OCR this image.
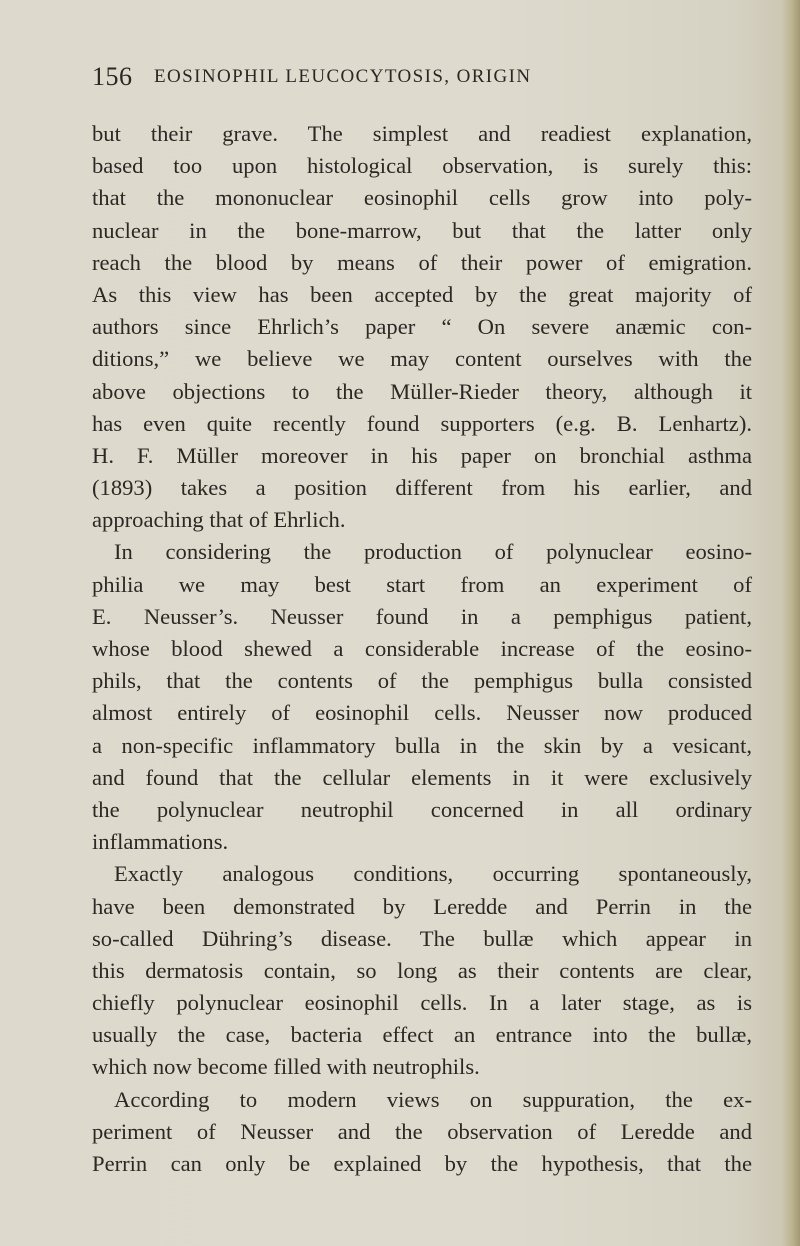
156 EOSINOPHIL LEUCOCYTOSIS, ORIGIN
but their grave. The simplest and readiest explanation,
based too upon histological observation, is surely this:
that the mononuclear eosinophil cells grow into poly-
nuclear in the bone-marrow, but that the latter only
reach the blood by means of their power of emigration.
As this view has been accepted by the great majority of
authors since Ehrlich’s paper “ On severe anæmic con-
ditions,” we believe we may content ourselves with the
above objections to the Müller-Rieder theory, although it
has even quite recently found supporters (e.g. B. Lenhartz).
H. F. Müller moreover in his paper on bronchial asthma
(1893) takes a position different from his earlier, and
approaching that of Ehrlich.
In considering the production of polynuclear eosino-
philia we may best start from an experiment of
E. Neusser’s. Neusser found in a pemphigus patient,
whose blood shewed a considerable increase of the eosino-
phils, that the contents of the pemphigus bulla consisted
almost entirely of eosinophil cells. Neusser now produced
a non-specific inflammatory bulla in the skin by a vesicant,
and found that the cellular elements in it were exclusively
the polynuclear neutrophil concerned in all ordinary
inflammations.
Exactly analogous conditions, occurring spontaneously,
have been demonstrated by Leredde and Perrin in the
so-called Dühring’s disease. The bullæ which appear in
this dermatosis contain, so long as their contents are clear,
chiefly polynuclear eosinophil cells. In a later stage, as is
usually the case, bacteria effect an entrance into the bullæ,
which now become filled with neutrophils.
According to modern views on suppuration, the ex-
periment of Neusser and the observation of Leredde and
Perrin can only be explained by the hypothesis, that the
